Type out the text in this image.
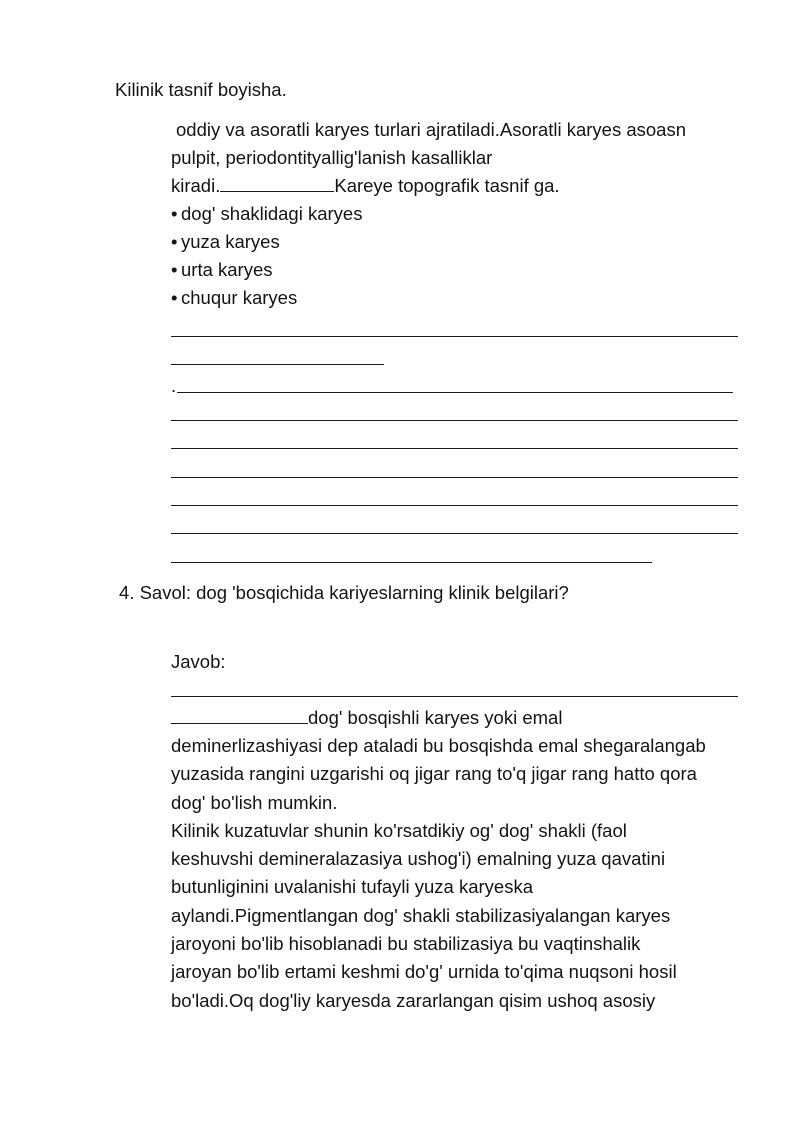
Kilinik tasnif boyisha.

oddiy va asoratli karyes turlari ajratiladi.Asoratli karyes asoasn

pulpit, periodontityallig'lanish kasalliklar

kiradi.	Kareye topografik tasnif ga.

• dog' shaklidagi karyes

• yuza karyes

• urta karyes

• chuqur karyes

.

4. Savol: dog 'bosqichida kariyeslarning klinik belgilari?

Javob:

dog' bosqishli karyes yoki emal

deminerlizashiyasi dep ataladi bu bosqishda emal shegaralangab
yuzasida rangini uzgarishi oq jigar rang to'q jigar rang hatto qora
dog' bo'lish mumkin.
Kilinik kuzatuvlar shunin ko'rsatdikiy og' dog' shakli (faol
keshuvshi demineralazasiya ushog'i) emalning yuza qavatini
butunliginini uvalanishi tufayli yuza karyeska
aylandi.Pigmentlangan dog' shakli stabilizasiyalangan karyes
jaroyoni bo'lib hisoblanadi bu stabilizasiya bu vaqtinshalik
jaroyan bo'lib ertami keshmi do'g' urnida to'qima nuqsoni hosil
bo'ladi.Oq dog'liy karyesda zararlangan qisim ushoq asosiy
